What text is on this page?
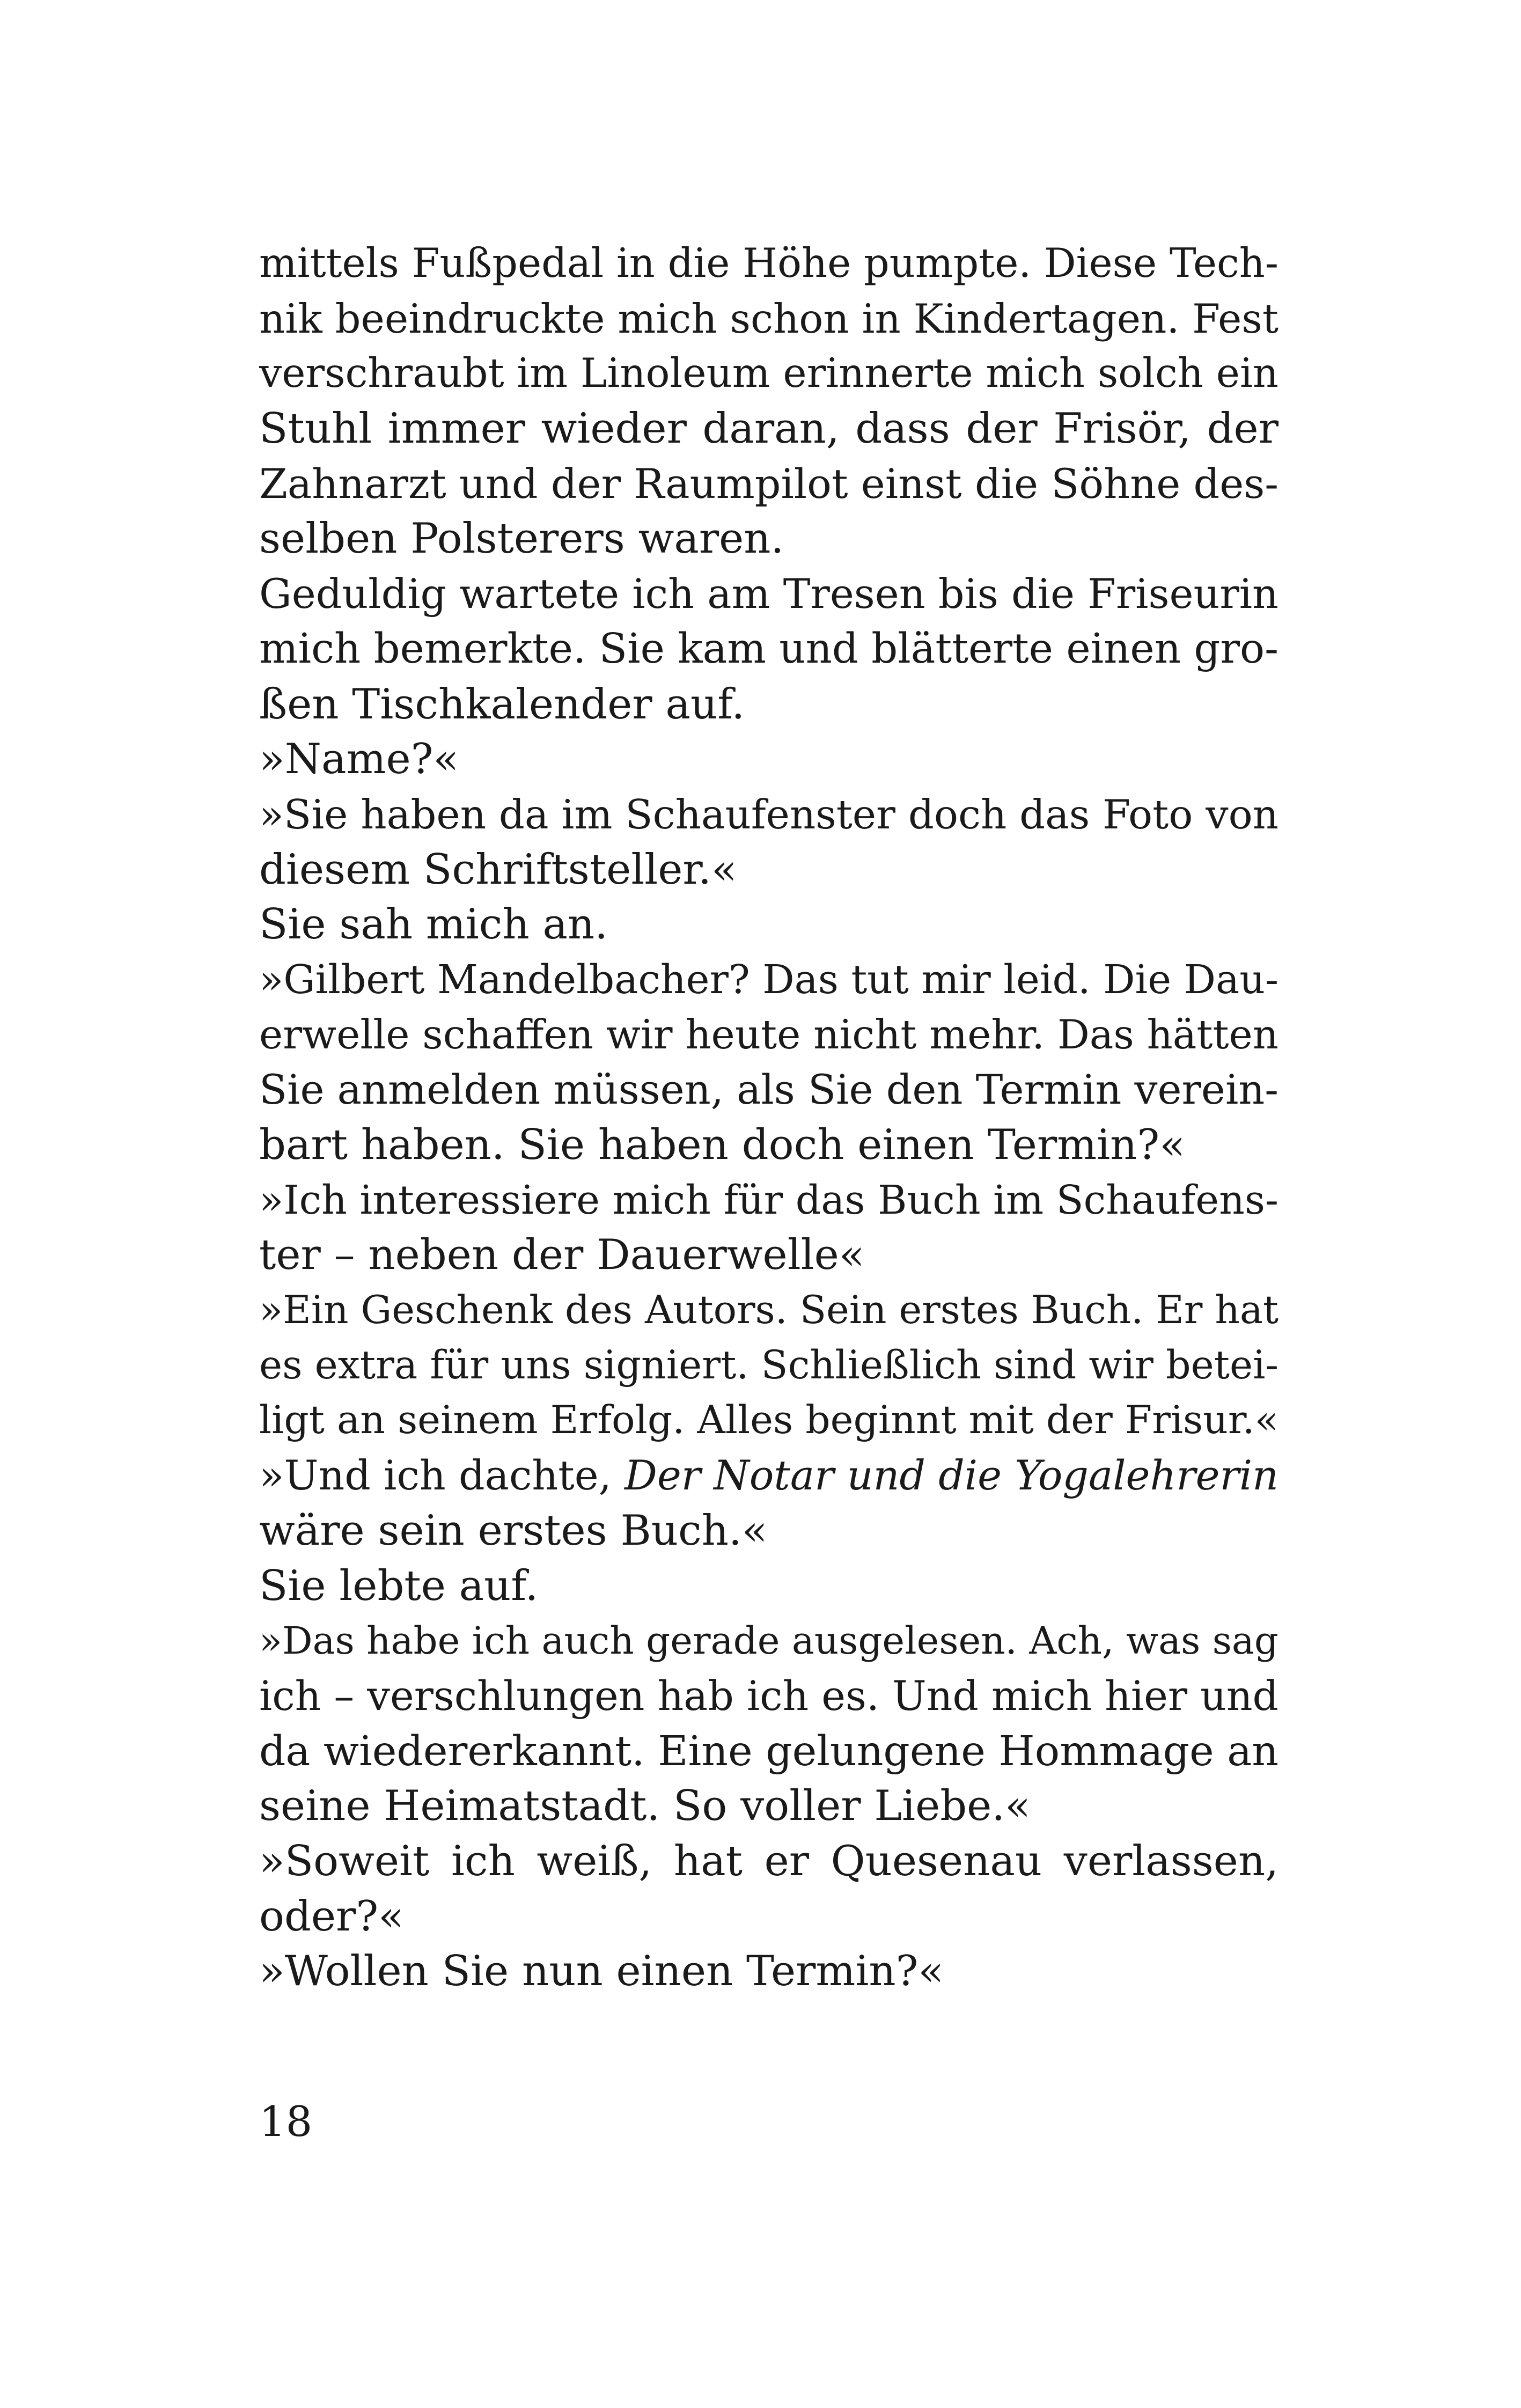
mittels Fußpedal in die Höhe pumpte. Diese Tech-
nik beeindruckte mich schon in Kindertagen. Fest
verschraubt im Linoleum erinnerte mich solch ein
Stuhl immer wieder daran, dass der Frisör, der
Zahnarzt und der Raumpilot einst die Söhne des-
selben Polsterers waren.
Geduldig wartete ich am Tresen bis die Friseurin
mich bemerkte. Sie kam und blätterte einen gro-
ßen Tischkalender auf.
»Name?«
»Sie haben da im Schaufenster doch das Foto von
diesem Schriftsteller.«
Sie sah mich an.
»Gilbert Mandelbacher? Das tut mir leid. Die Dau-
erwelle schaffen wir heute nicht mehr. Das hätten
Sie anmelden müssen, als Sie den Termin verein-
bart haben. Sie haben doch einen Termin?«
»Ich interessiere mich für das Buch im Schaufens-
ter – neben der Dauerwelle«
»Ein Geschenk des Autors. Sein erstes Buch. Er hat
es extra für uns signiert. Schließlich sind wir betei-
ligt an seinem Erfolg. Alles beginnt mit der Frisur.«
»Und ich dachte, Der Notar und die Yogalehrerin
wäre sein erstes Buch.«
Sie lebte auf.
»Das habe ich auch gerade ausgelesen. Ach, was sag
ich – verschlungen hab ich es. Und mich hier und
da wiedererkannt. Eine gelungene Hommage an
seine Heimatstadt. So voller Liebe.«
»Soweit ich weiß, hat er Quesenau verlassen,
oder?«
»Wollen Sie nun einen Termin?«
18
